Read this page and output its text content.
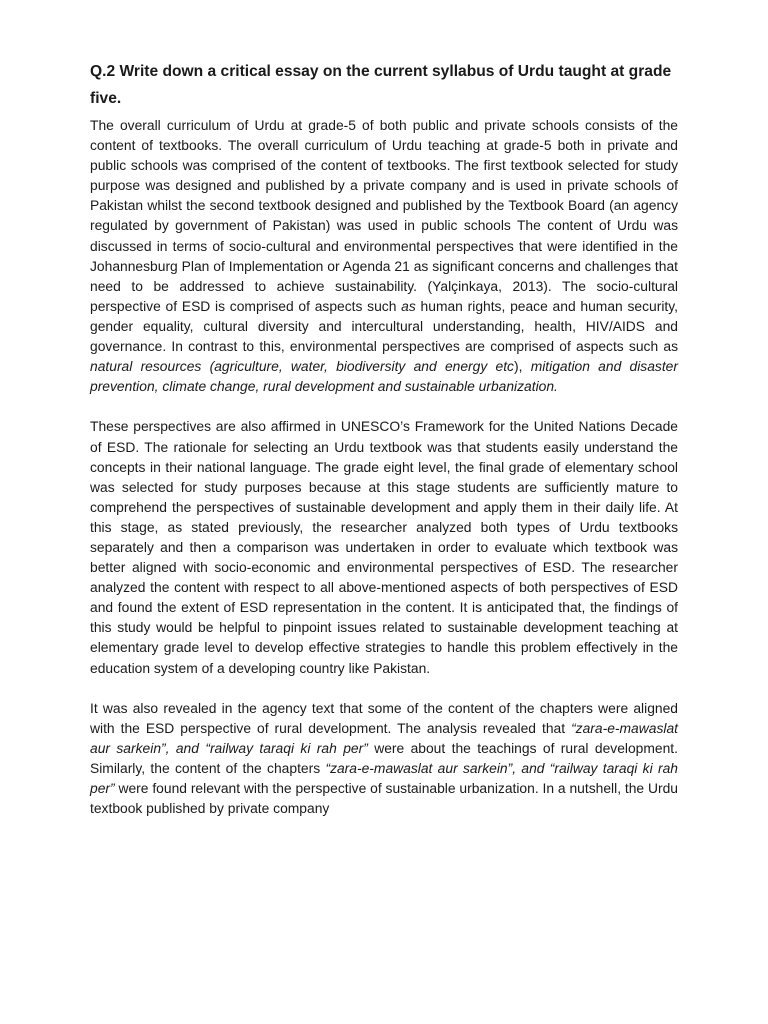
Q.2 Write down a critical essay on the current syllabus of Urdu taught at grade five.

The overall curriculum of Urdu at grade-5 of both public and private schools consists of the content of textbooks. The overall curriculum of Urdu teaching at grade-5 both in private and public schools was comprised of the content of textbooks. The first textbook selected for study purpose was designed and published by a private company and is used in private schools of Pakistan whilst the second textbook designed and published by the Textbook Board (an agency regulated by government of Pakistan) was used in public schools The content of Urdu was discussed in terms of socio-cultural and environmental perspectives that were identified in the Johannesburg Plan of Implementation or Agenda 21 as significant concerns and challenges that need to be addressed to achieve sustainability. (Yalçinkaya, 2013). The socio-cultural perspective of ESD is comprised of aspects such as human rights, peace and human security, gender equality, cultural diversity and intercultural understanding, health, HIV/AIDS and governance. In contrast to this, environmental perspectives are comprised of aspects such as natural resources (agriculture, water, biodiversity and energy etc), mitigation and disaster prevention, climate change, rural development and sustainable urbanization.

These perspectives are also affirmed in UNESCO’s Framework for the United Nations Decade of ESD. The rationale for selecting an Urdu textbook was that students easily understand the concepts in their national language. The grade eight level, the final grade of elementary school was selected for study purposes because at this stage students are sufficiently mature to comprehend the perspectives of sustainable development and apply them in their daily life. At this stage, as stated previously, the researcher analyzed both types of Urdu textbooks separately and then a comparison was undertaken in order to evaluate which textbook was better aligned with socio-economic and environmental perspectives of ESD. The researcher analyzed the content with respect to all above-mentioned aspects of both perspectives of ESD and found the extent of ESD representation in the content. It is anticipated that, the findings of this study would be helpful to pinpoint issues related to sustainable development teaching at elementary grade level to develop effective strategies to handle this problem effectively in the education system of a developing country like Pakistan.

It was also revealed in the agency text that some of the content of the chapters were aligned with the ESD perspective of rural development. The analysis revealed that “zara-e-mawaslat aur sarkein”, and “railway taraqi ki rah per” were about the teachings of rural development. Similarly, the content of the chapters “zara-e-mawaslat aur sarkein”, and “railway taraqi ki rah per” were found relevant with the perspective of sustainable urbanization. In a nutshell, the Urdu textbook published by private company
